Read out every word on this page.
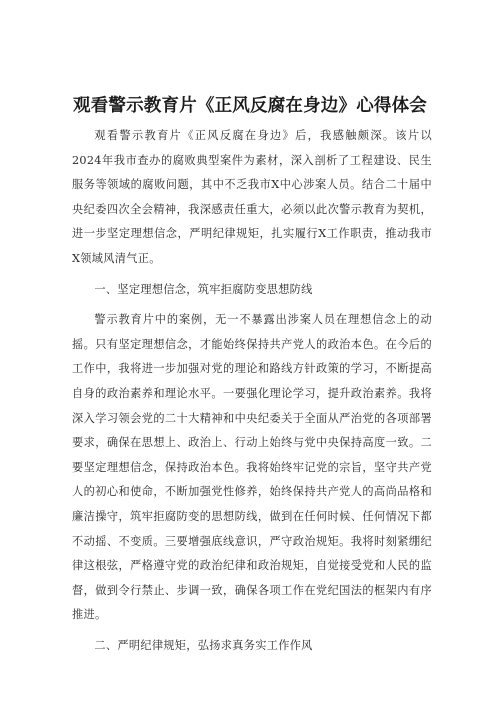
观看警示教育片《正风反腐在身边》心得体会

观看警示教育片《正风反腐在身边》后，我感触颇深。该片以2024年我市查办的腐败典型案件为素材，深入剖析了工程建设、民生服务等领域的腐败问题，其中不乏我市X中心涉案人员。结合二十届中央纪委四次全会精神，我深感责任重大，必须以此次警示教育为契机，进一步坚定理想信念，严明纪律规矩，扎实履行X工作职责，推动我市X领域风清气正。

一、坚定理想信念，筑牢拒腐防变思想防线

警示教育片中的案例，无一不暴露出涉案人员在理想信念上的动摇。只有坚定理想信念，才能始终保持共产党人的政治本色。在今后的工作中，我将进一步加强对党的理论和路线方针政策的学习，不断提高自身的政治素养和理论水平。一要强化理论学习，提升政治素养。我将深入学习领会党的二十大精神和中央纪委关于全面从严治党的各项部署要求，确保在思想上、政治上、行动上始终与党中央保持高度一致。二要坚定理想信念，保持政治本色。我将始终牢记党的宗旨，坚守共产党人的初心和使命，不断加强党性修养，始终保持共产党人的高尚品格和廉洁操守，筑牢拒腐防变的思想防线，做到在任何时候、任何情况下都不动摇、不变质。三要增强底线意识，严守政治规矩。我将时刻紧绷纪律这根弦，严格遵守党的政治纪律和政治规矩，自觉接受党和人民的监督，做到令行禁止、步调一致，确保各项工作在党纪国法的框架内有序推进。

二、严明纪律规矩，弘扬求真务实工作作风
